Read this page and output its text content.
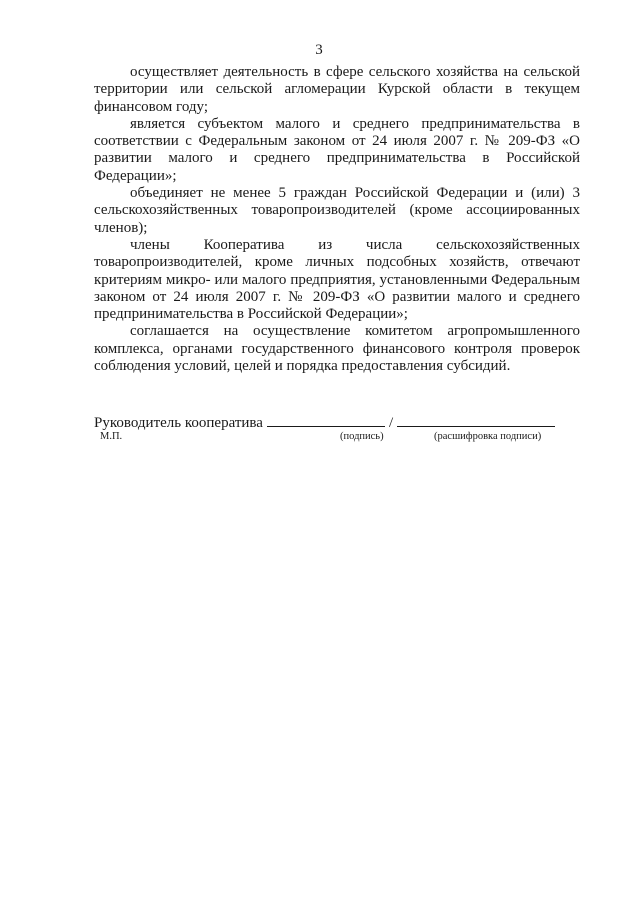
3

осуществляет деятельность в сфере сельского хозяйства на сельской территории или сельской агломерации Курской области в текущем финансовом году;

является субъектом малого и среднего предпринимательства в соответствии с Федеральным законом от 24 июля 2007 г. № 209-ФЗ «О развитии малого и среднего предпринимательства в Российской Федерации»;

объединяет не менее 5 граждан Российской Федерации и (или) 3 сельскохозяйственных товаропроизводителей (кроме ассоциированных членов);

члены Кооператива из числа сельскохозяйственных товаропроизводителей, кроме личных подсобных хозяйств, отвечают критериям микро- или малого предприятия, установленными Федеральным законом от 24 июля 2007 г. № 209-ФЗ «О развитии малого и среднего предпринимательства в Российской Федерации»;

соглашается на осуществление комитетом агропромышленного комплекса, органами государственного финансового контроля проверок соблюдения условий, целей и порядка предоставления субсидий.

Руководитель кооператива	/
М.П.	(подпись)	(расшифровка подписи)
